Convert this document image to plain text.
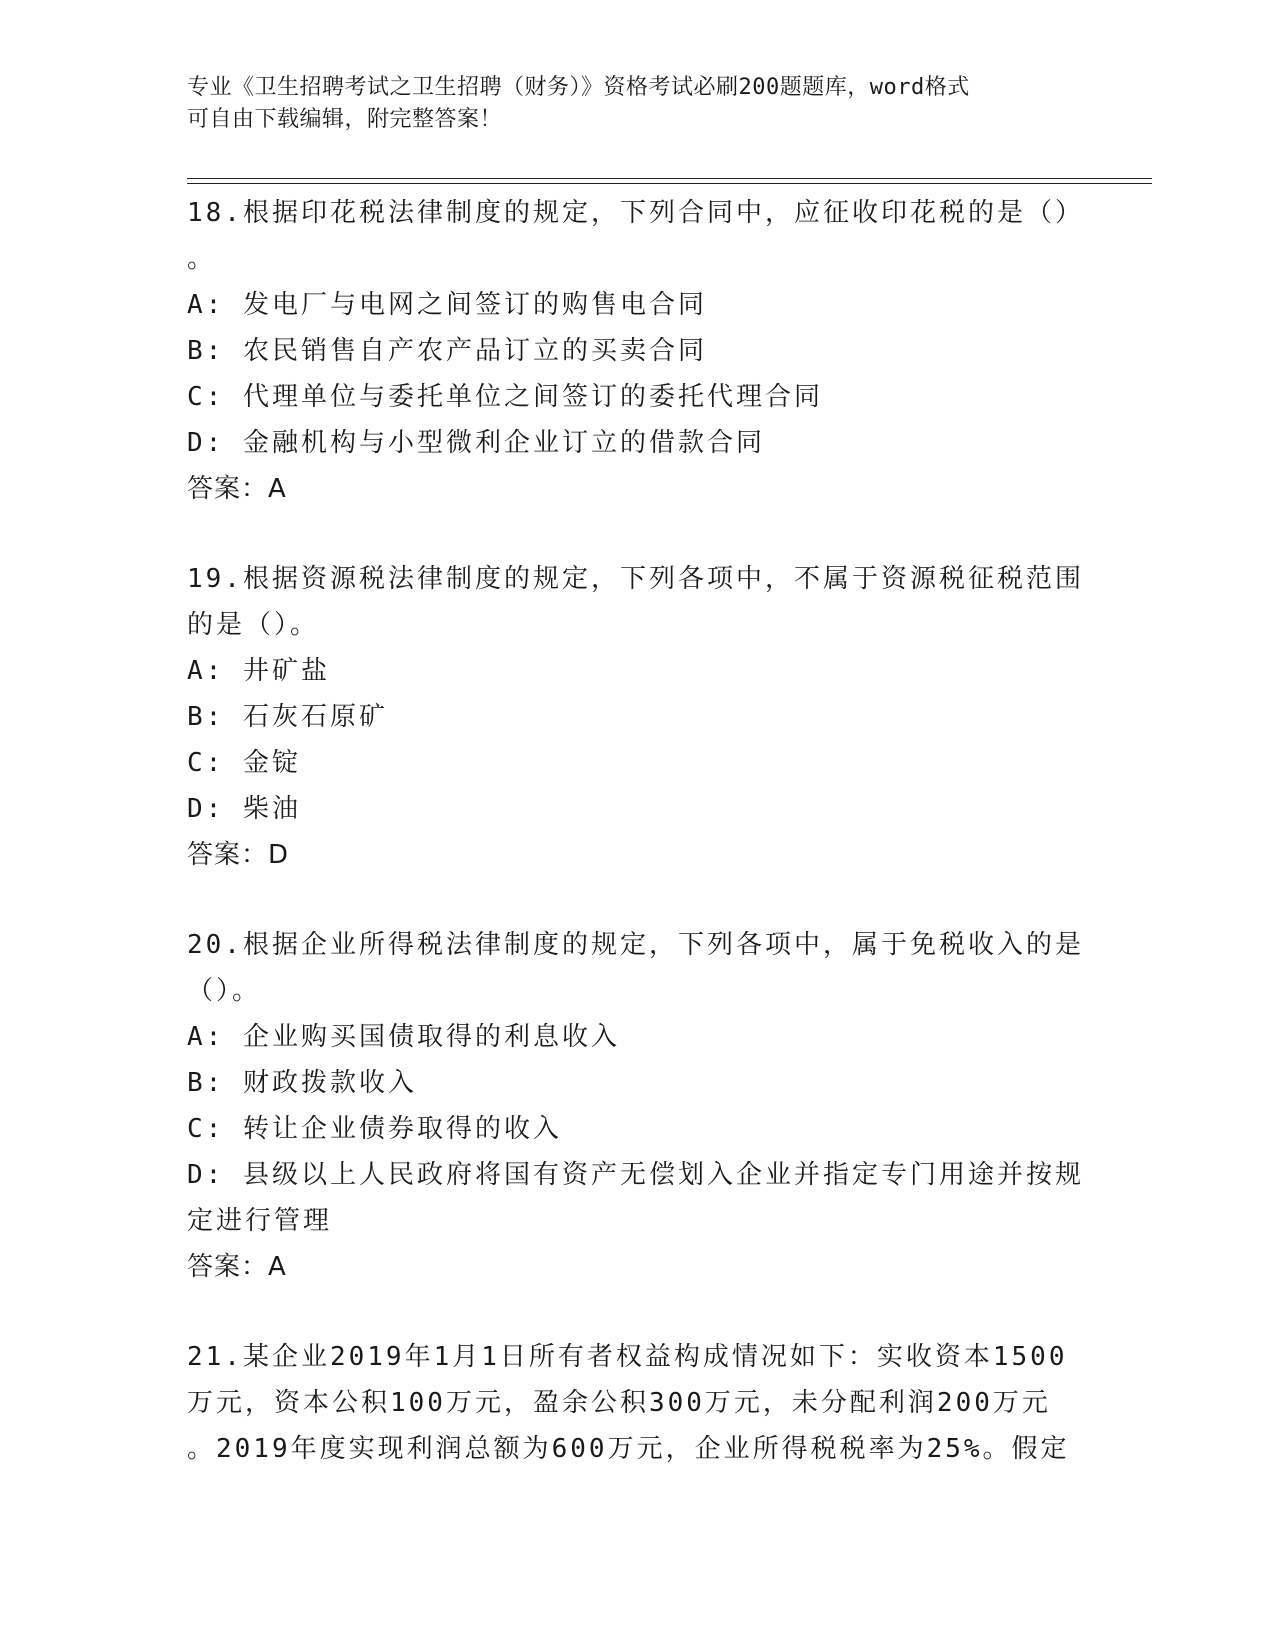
专业《卫生招聘考试之卫生招聘（财务）》资格考试必刷200题题库，word格式
可自由下载编辑，附完整答案！
18.根据印花税法律制度的规定，下列合同中，应征收印花税的是（）
。
A: 发电厂与电网之间签订的购售电合同
B: 农民销售自产农产品订立的买卖合同
C: 代理单位与委托单位之间签订的委托代理合同
D: 金融机构与小型微利企业订立的借款合同
答案：A
19.根据资源税法律制度的规定，下列各项中，不属于资源税征税范围
的是（）。
A: 井矿盐
B: 石灰石原矿
C: 金锭
D: 柴油
答案：D
20.根据企业所得税法律制度的规定，下列各项中，属于免税收入的是
（）。
A: 企业购买国债取得的利息收入
B: 财政拨款收入
C: 转让企业债券取得的收入
D: 县级以上人民政府将国有资产无偿划入企业并指定专门用途并按规
定进行管理
答案：A
21.某企业2019年1月1日所有者权益构成情况如下：实收资本1500
万元，资本公积100万元，盈余公积300万元，未分配利润200万元
。2019年度实现利润总额为600万元，企业所得税税率为25%。假定
